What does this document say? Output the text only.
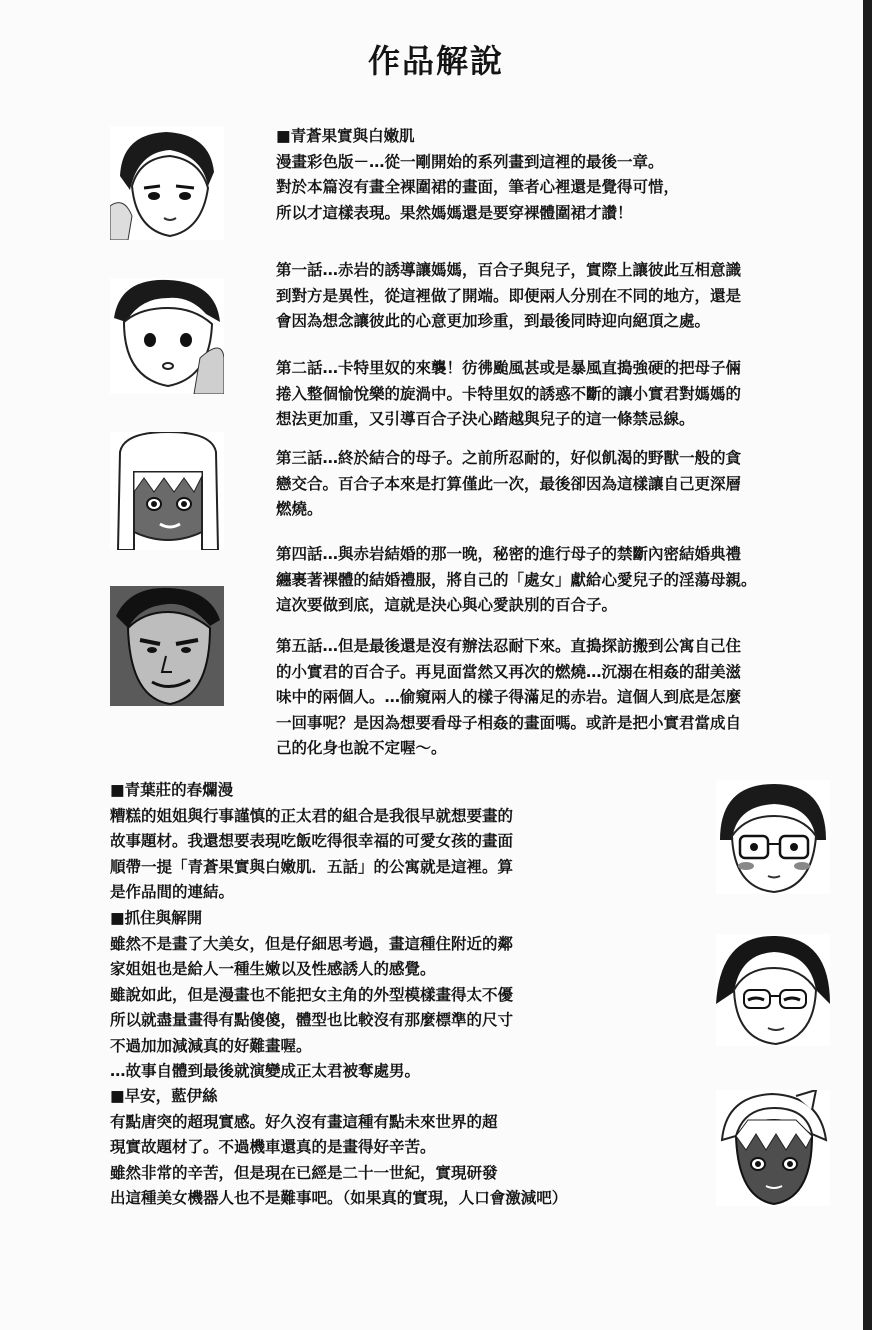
作品解說
■青蒼果實與白嫩肌
漫畫彩色版－…從一剛開始的系列畫到這裡的最後一章。
對於本篇沒有畫全裸圍裙的畫面，筆者心裡還是覺得可惜，
所以才這樣表現。果然媽媽還是要穿裸體圍裙才讚！
第一話…赤岩的誘導讓媽媽，百合子與兒子，實際上讓彼此互相意識
到對方是異性，從這裡做了開端。即便兩人分別在不同的地方，還是
會因為想念讓彼此的心意更加珍重，到最後同時迎向絕頂之處。
第二話…卡特里奴的來襲！彷彿颱風甚或是暴風直搗強硬的把母子倆
捲入整個愉悅樂的旋渦中。卡特里奴的誘惑不斷的讓小實君對媽媽的
想法更加重，又引導百合子決心踏越與兒子的這一條禁忌線。
第三話…終於結合的母子。之前所忍耐的，好似飢渴的野獸一般的貪
戀交合。百合子本來是打算僅此一次，最後卻因為這樣讓自己更深層
燃燒。
第四話…與赤岩結婚的那一晚，秘密的進行母子的禁斷內密結婚典禮
纏裹著裸體的結婚禮服，將自己的「處女」獻給心愛兒子的淫蕩母親。
這次要做到底，這就是決心與心愛訣別的百合子。
第五話…但是最後還是沒有辦法忍耐下來。直搗探訪搬到公寓自己住
的小實君的百合子。再見面當然又再次的燃燒…沉溺在相姦的甜美滋
味中的兩個人。…偷窺兩人的樣子得滿足的赤岩。這個人到底是怎麼
一回事呢？是因為想要看母子相姦的畫面嗎。或許是把小實君當成自
己的化身也說不定喔～。
■青葉莊的春爛漫
糟糕的姐姐與行事謹慎的正太君的組合是我很早就想要畫的
故事題材。我還想要表現吃飯吃得很幸福的可愛女孩的畫面
順帶一提「青蒼果實與白嫩肌．五話」的公寓就是這裡。算
是作品間的連結。
■抓住與解開
雖然不是畫了大美女，但是仔細思考過，畫這種住附近的鄰
家姐姐也是給人一種生嫩以及性感誘人的感覺。
雖說如此，但是漫畫也不能把女主角的外型模樣畫得太不優
所以就盡量畫得有點傻傻，體型也比較沒有那麼標準的尺寸
不過加加減減真的好難畫喔。
…故事自體到最後就演變成正太君被奪處男。
■早安，藍伊絲
有點唐突的超現實感。好久沒有畫這種有點未來世界的超
現實故題材了。不過機車還真的是畫得好辛苦。
雖然非常的辛苦，但是現在已經是二十一世紀，實現研發
出這種美女機器人也不是難事吧。（如果真的實現，人口會激減吧）
